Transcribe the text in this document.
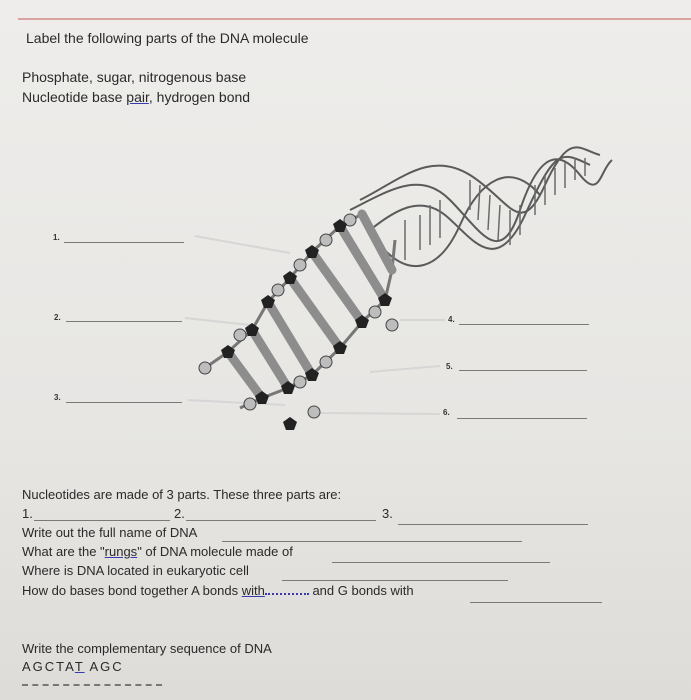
Label the following parts of the DNA molecule
Phosphate, sugar, nitrogenous base
Nucleotide base pair, hydrogen bond
1.
2.
3.
4.
5.
6.
Nucleotides are made of 3 parts. These three parts are:
1.	2.	3.
Write out the full name of DNA
What are the "rungs" of DNA molecule made of
Where is DNA located in eukaryotic cell
How do bases bond together A bonds with	and G bonds with
Write the complementary sequence of DNA
AGCTAT AGC
